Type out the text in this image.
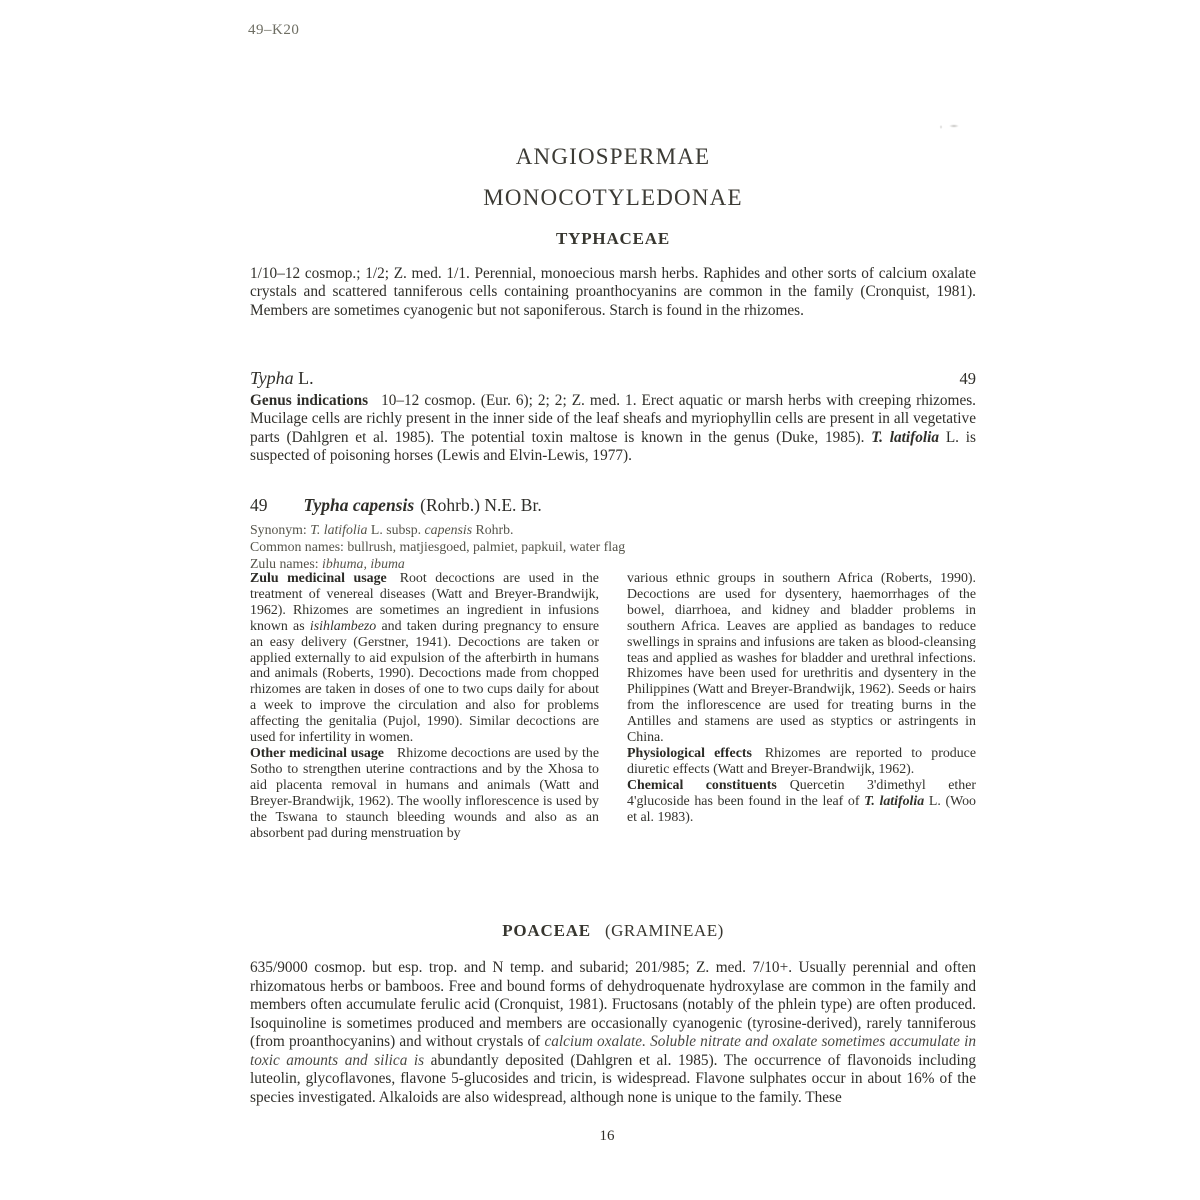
49–K20
ANGIOSPERMAE
MONOCOTYLEDONAE
TYPHACEAE
1/10–12 cosmop.; 1/2; Z. med. 1/1. Perennial, monoecious marsh herbs. Raphides and other sorts of calcium oxalate crystals and scattered tanniferous cells containing proanthocyanins are common in the family (Cronquist, 1981). Members are sometimes cyanogenic but not saponiferous. Starch is found in the rhizomes.
Typha L.	49
Genus indications 10–12 cosmop. (Eur. 6); 2; 2; Z. med. 1. Erect aquatic or marsh herbs with creeping rhizomes. Mucilage cells are richly present in the inner side of the leaf sheafs and myriophyllin cells are present in all vegetative parts (Dahlgren et al. 1985). The potential toxin maltose is known in the genus (Duke, 1985). T. latifolia L. is suspected of poisoning horses (Lewis and Elvin-Lewis, 1977).
49 Typha capensis (Rohrb.) N.E. Br.
Synonym: T. latifolia L. subsp. capensis Rohrb.
Common names: bullrush, matjiesgoed, palmiet, papkuil, water flag
Zulu names: ibhuma, ibuma
Zulu medicinal usage Root decoctions are used in the treatment of venereal diseases (Watt and Breyer-Brandwijk, 1962). Rhizomes are sometimes an ingredient in infusions known as isihlambezo and taken during pregnancy to ensure an easy delivery (Gerstner, 1941). Decoctions are taken or applied externally to aid expulsion of the afterbirth in humans and animals (Roberts, 1990). Decoctions made from chopped rhizomes are taken in doses of one to two cups daily for about a week to improve the circulation and also for problems affecting the genitalia (Pujol, 1990). Similar decoctions are used for infertility in women.
Other medicinal usage Rhizome decoctions are used by the Sotho to strengthen uterine contractions and by the Xhosa to aid placenta removal in humans and animals (Watt and Breyer-Brandwijk, 1962). The woolly inflorescence is used by the Tswana to staunch bleeding wounds and also as an absorbent pad during menstruation by
various ethnic groups in southern Africa (Roberts, 1990). Decoctions are used for dysentery, haemorrhages of the bowel, diarrhoea, and kidney and bladder problems in southern Africa. Leaves are applied as bandages to reduce swellings in sprains and infusions are taken as blood-cleansing teas and applied as washes for bladder and urethral infections. Rhizomes have been used for urethritis and dysentery in the Philippines (Watt and Breyer-Brandwijk, 1962). Seeds or hairs from the inflorescence are used for treating burns in the Antilles and stamens are used as styptics or astringents in China.
Physiological effects Rhizomes are reported to produce diuretic effects (Watt and Breyer-Brandwijk, 1962).
Chemical constituents Quercetin 3'dimethyl ether 4'glucoside has been found in the leaf of T. latifolia L. (Woo et al. 1983).
POACEAE (GRAMINEAE)
635/9000 cosmop. but esp. trop. and N temp. and subarid; 201/985; Z. med. 7/10+. Usually perennial and often rhizomatous herbs or bamboos. Free and bound forms of dehydroquenate hydroxylase are common in the family and members often accumulate ferulic acid (Cronquist, 1981). Fructosans (notably of the phlein type) are often produced. Isoquinoline is sometimes produced and members are occasionally cyanogenic (tyrosine-derived), rarely tanniferous (from proanthocyanins) and without crystals of calcium oxalate. Soluble nitrate and oxalate sometimes accumulate in toxic amounts and silica is abundantly deposited (Dahlgren et al. 1985). The occurrence of flavonoids including luteolin, glycoflavones, flavone 5-glucosides and tricin, is widespread. Flavone sulphates occur in about 16% of the species investigated. Alkaloids are also widespread, although none is unique to the family. These
16
